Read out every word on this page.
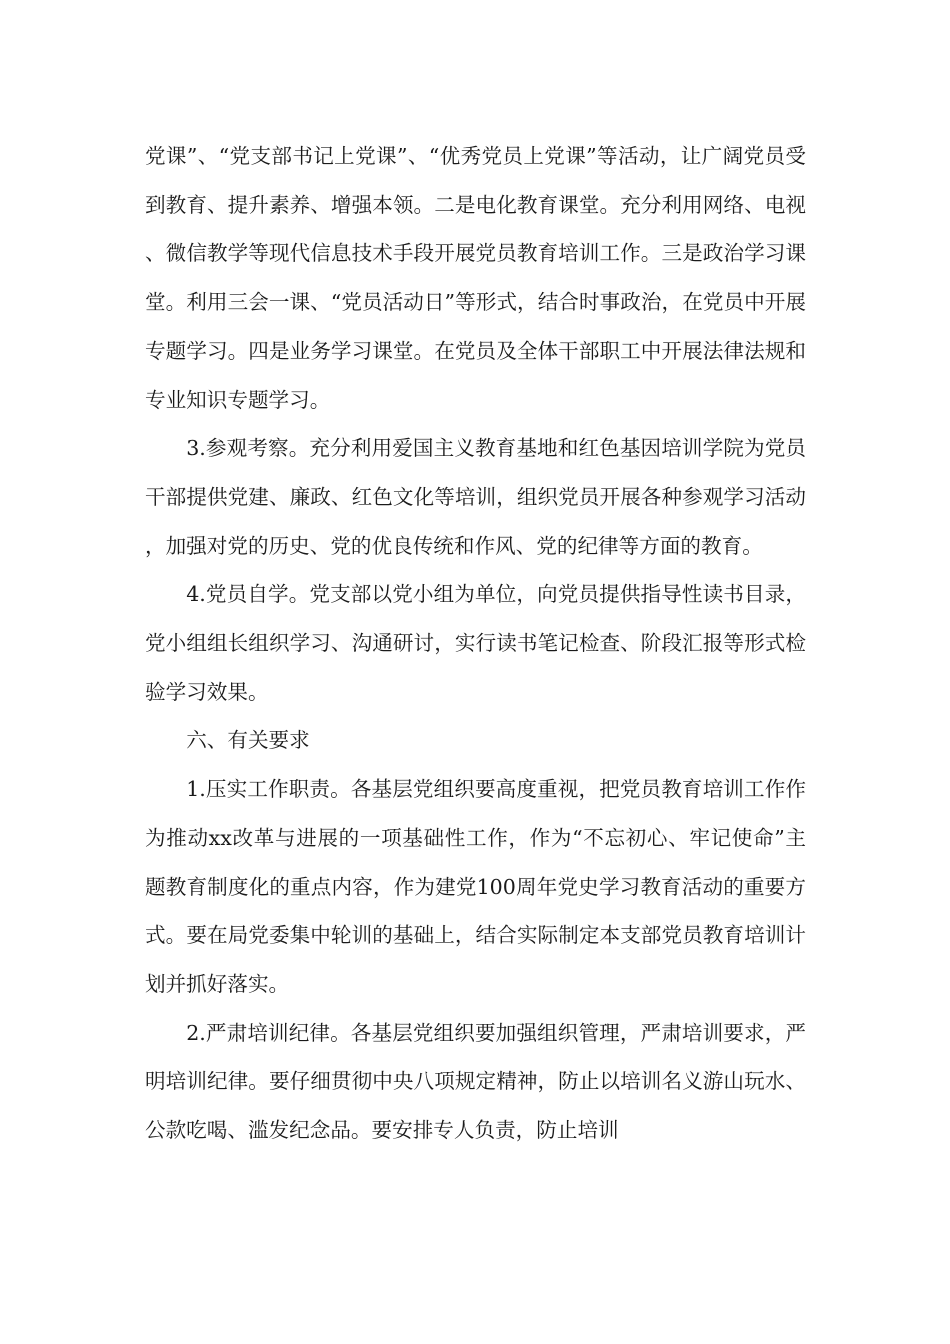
党课”、“党支部书记上党课”、“优秀党员上党课”等活动，让广阔党员受到教育、提升素养、增强本领。二是电化教育课堂。充分利用网络、电视、微信教学等现代信息技术手段开展党员教育培训工作。三是政治学习课堂。利用三会一课、“党员活动日”等形式，结合时事政治，在党员中开展专题学习。四是业务学习课堂。在党员及全体干部职工中开展法律法规和专业知识专题学习。

3.参观考察。充分利用爱国主义教育基地和红色基因培训学院为党员干部提供党建、廉政、红色文化等培训，组织党员开展各种参观学习活动，加强对党的历史、党的优良传统和作风、党的纪律等方面的教育。

4.党员自学。党支部以党小组为单位，向党员提供指导性读书目录，党小组组长组织学习、沟通研讨，实行读书笔记检查、阶段汇报等形式检验学习效果。

六、有关要求

1.压实工作职责。各基层党组织要高度重视，把党员教育培训工作作为推动xx改革与进展的一项基础性工作，作为“不忘初心、牢记使命”主题教育制度化的重点内容，作为建党100周年党史学习教育活动的重要方式。要在局党委集中轮训的基础上，结合实际制定本支部党员教育培训计划并抓好落实。

2.严肃培训纪律。各基层党组织要加强组织管理，严肃培训要求，严明培训纪律。要仔细贯彻中央八项规定精神，防止以培训名义游山玩水、公款吃喝、滥发纪念品。要安排专人负责，防止培训
